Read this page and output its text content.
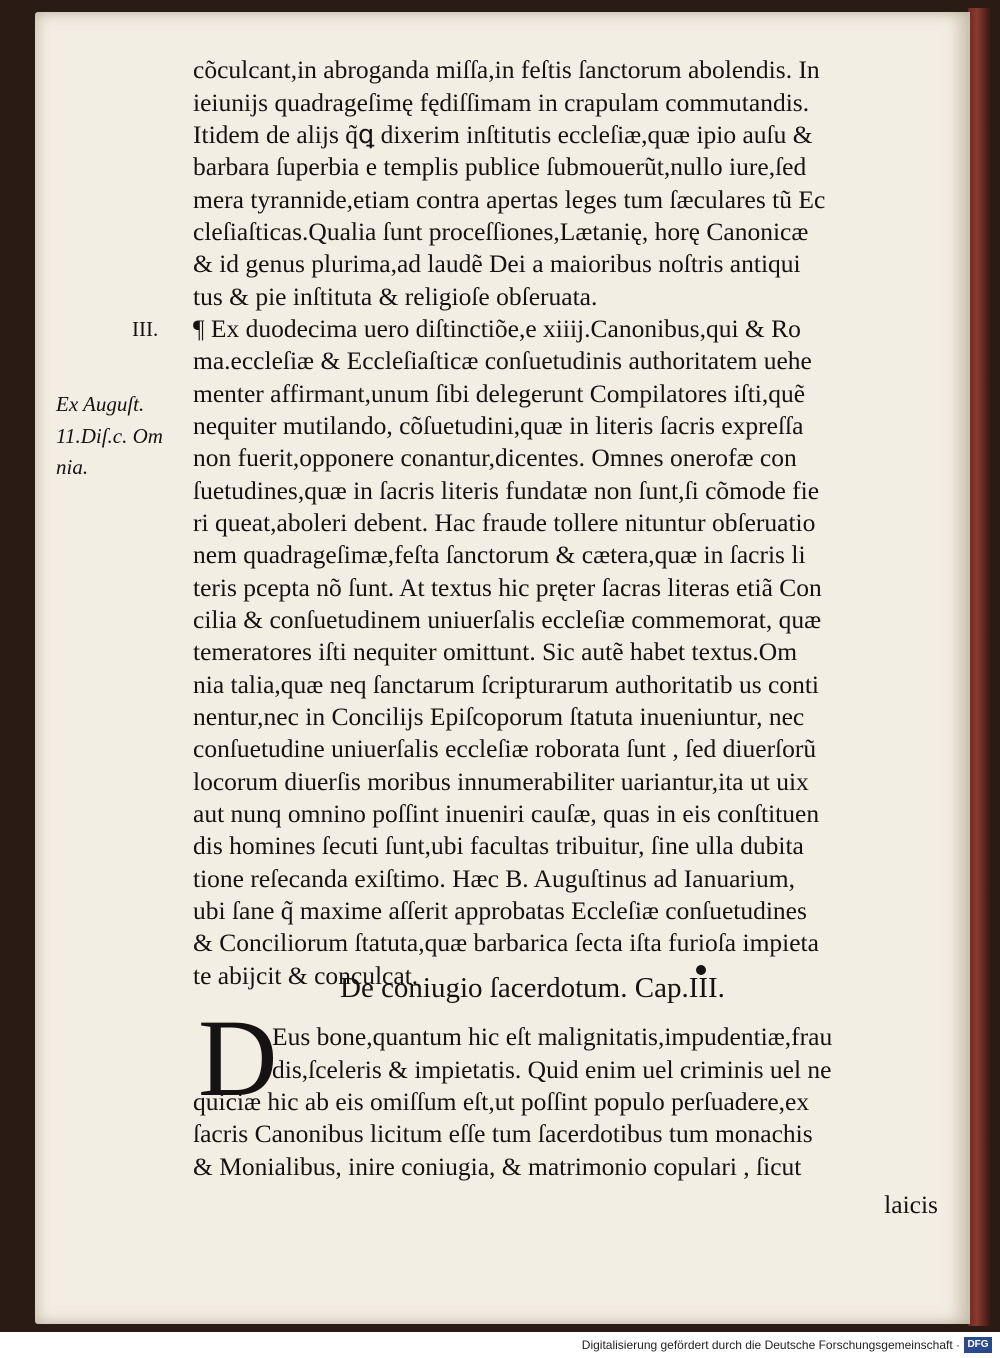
cõculcant,in abroganda miſſa,in feſtis ſanctorum abolendis. In
ieiunijs quadrageſimę fędiſſimam in crapulam commutandis.
Itidem de alijs q̃ꝗ dixerim inſtitutis eccleſiæ,quæ ipio auſu &
barbara ſuperbia e templis publice ſubmouerũt,nullo iure,ſed
mera tyrannide,etiam contra apertas leges tum ſæculares tũ Ec
cleſiaſticas.Qualia ſunt proceſſiones,Lætanię, horę Canonicæ
& id genus plurima,ad laudẽ Dei a maioribus noſtris antiqui
tus & pie inſtituta & religioſe obſeruata.
¶ Ex duodecima uero diſtinctiõe,e xiiij.Canonibus,qui & Ro
ma.eccleſiæ & Eccleſiaſticæ conſuetudinis authoritatem uehe
menter affirmant,unum ſibi delegerunt Compilatores iſti,quẽ
nequiter mutilando, cõſuetudini,quæ in literis ſacris expreſſa
non fuerit,opponere conantur,dicentes. Omnes onerofæ con
ſuetudines,quæ in ſacris literis fundatæ non ſunt,ſi cõmode fie
ri queat,aboleri debent. Hac fraude tollere nituntur obſeruatio
nem quadrageſimæ,feſta ſanctorum & cætera,quæ in ſacris li
teris pcepta nõ ſunt. At textus hic pręter ſacras literas etiã Con
cilia & conſuetudinem uniuerſalis eccleſiæ commemorat, quæ
temeratores iſti nequiter omittunt. Sic autẽ habet textus.Om
nia talia,quæ neq ſanctarum ſcripturarum authoritatib us conti
nentur,nec in Concilijs Epiſcoporum ſtatuta inueniuntur, nec
conſuetudine uniuerſalis eccleſiæ roborata ſunt , ſed diuerſorũ
locorum diuerſis moribus innumerabiliter uariantur,ita ut uix
aut nunq omnino poſſint inueniri cauſæ, quas in eis conſtituen
dis homines ſecuti ſunt,ubi facultas tribuitur, ſine ulla dubita
tione reſecanda exiſtimo. Hæc B. Auguſtinus ad Ianuarium,
ubi ſane q̃ maxime aſſerit approbatas Eccleſiæ conſuetudines
& Conciliorum ſtatuta,quæ barbarica ſecta iſta furioſa impieta
te abijcit & conculcat.
III.
Ex Auguſt.
11.Diſ.c. Om
nia.
De coniugio ſacerdotum. Cap.III.
D
Eus bone,quantum hic eſt malignitatis,impudentiæ,frau
dis,ſceleris & impietatis. Quid enim uel criminis uel ne
quiciæ hic ab eis omiſſum eſt,ut poſſint populo perſuadere,ex
ſacris Canonibus licitum eſſe tum ſacerdotibus tum monachis
& Monialibus, inire coniugia, & matrimonio copulari , ſicut
laicis
Digitalisierung gefördert durch die Deutsche Forschungsgemeinschaft · DFG
